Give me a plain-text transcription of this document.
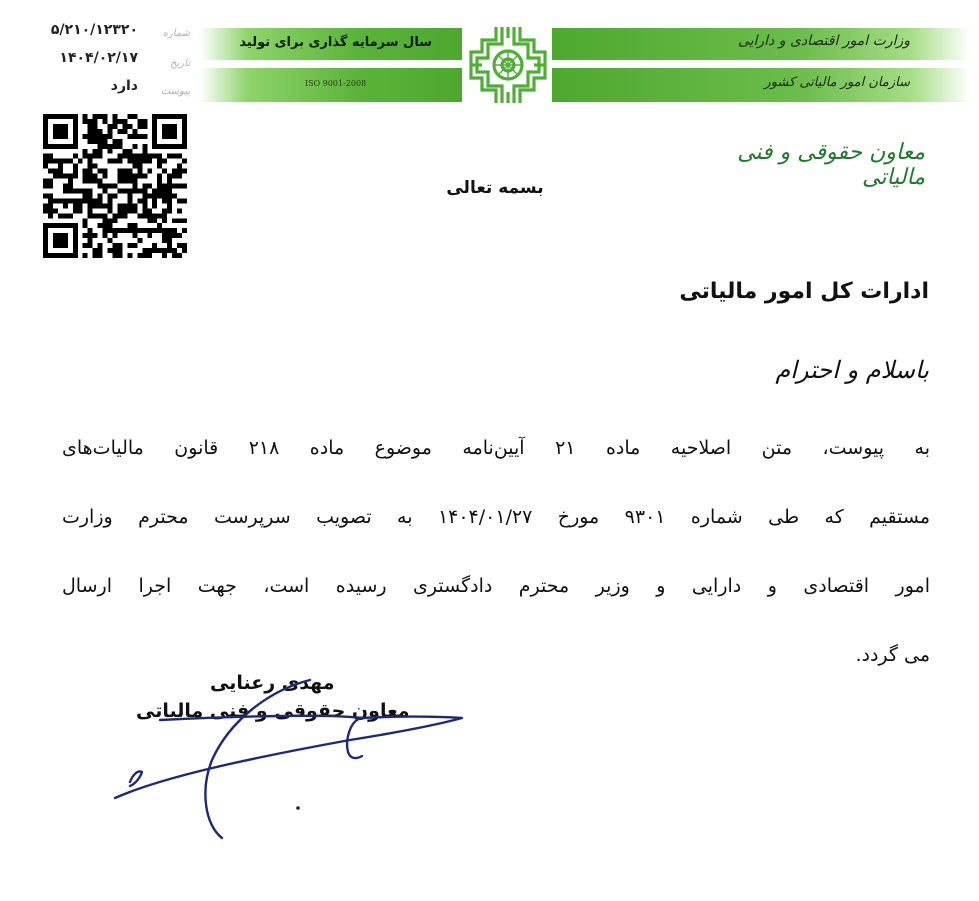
۵/۲۱۰/۱۲۳۲۰ شماره
۱۴۰۴/۰۲/۱۷	تاریخ
دارد پیوست
سال سرمایه گذاری برای تولید
ISO 9001-2008
وزارت امور اقتصادی و دارایی
سازمان امور مالیاتی کشور
معاون حقوقی و فنی مالیاتی
بسمه تعالی
ادارات کل امور مالیاتی
باسلام و احترام
به پیوست، متن اصلاحیه ماده ۲۱ آیین‌نامه موضوع ماده ۲۱۸ قانون مالیات‌های
مستقیم که طی شماره ۹۳۰۱ مورخ ۱۴۰۴/۰۱/۲۷ به تصویب سرپرست محترم وزارت
امور اقتصادی و دارایی و وزیر محترم دادگستری رسیده است، جهت اجرا ارسال
می گردد.
مهدی رعنایی
معاون حقوقی و فنی مالیاتی
